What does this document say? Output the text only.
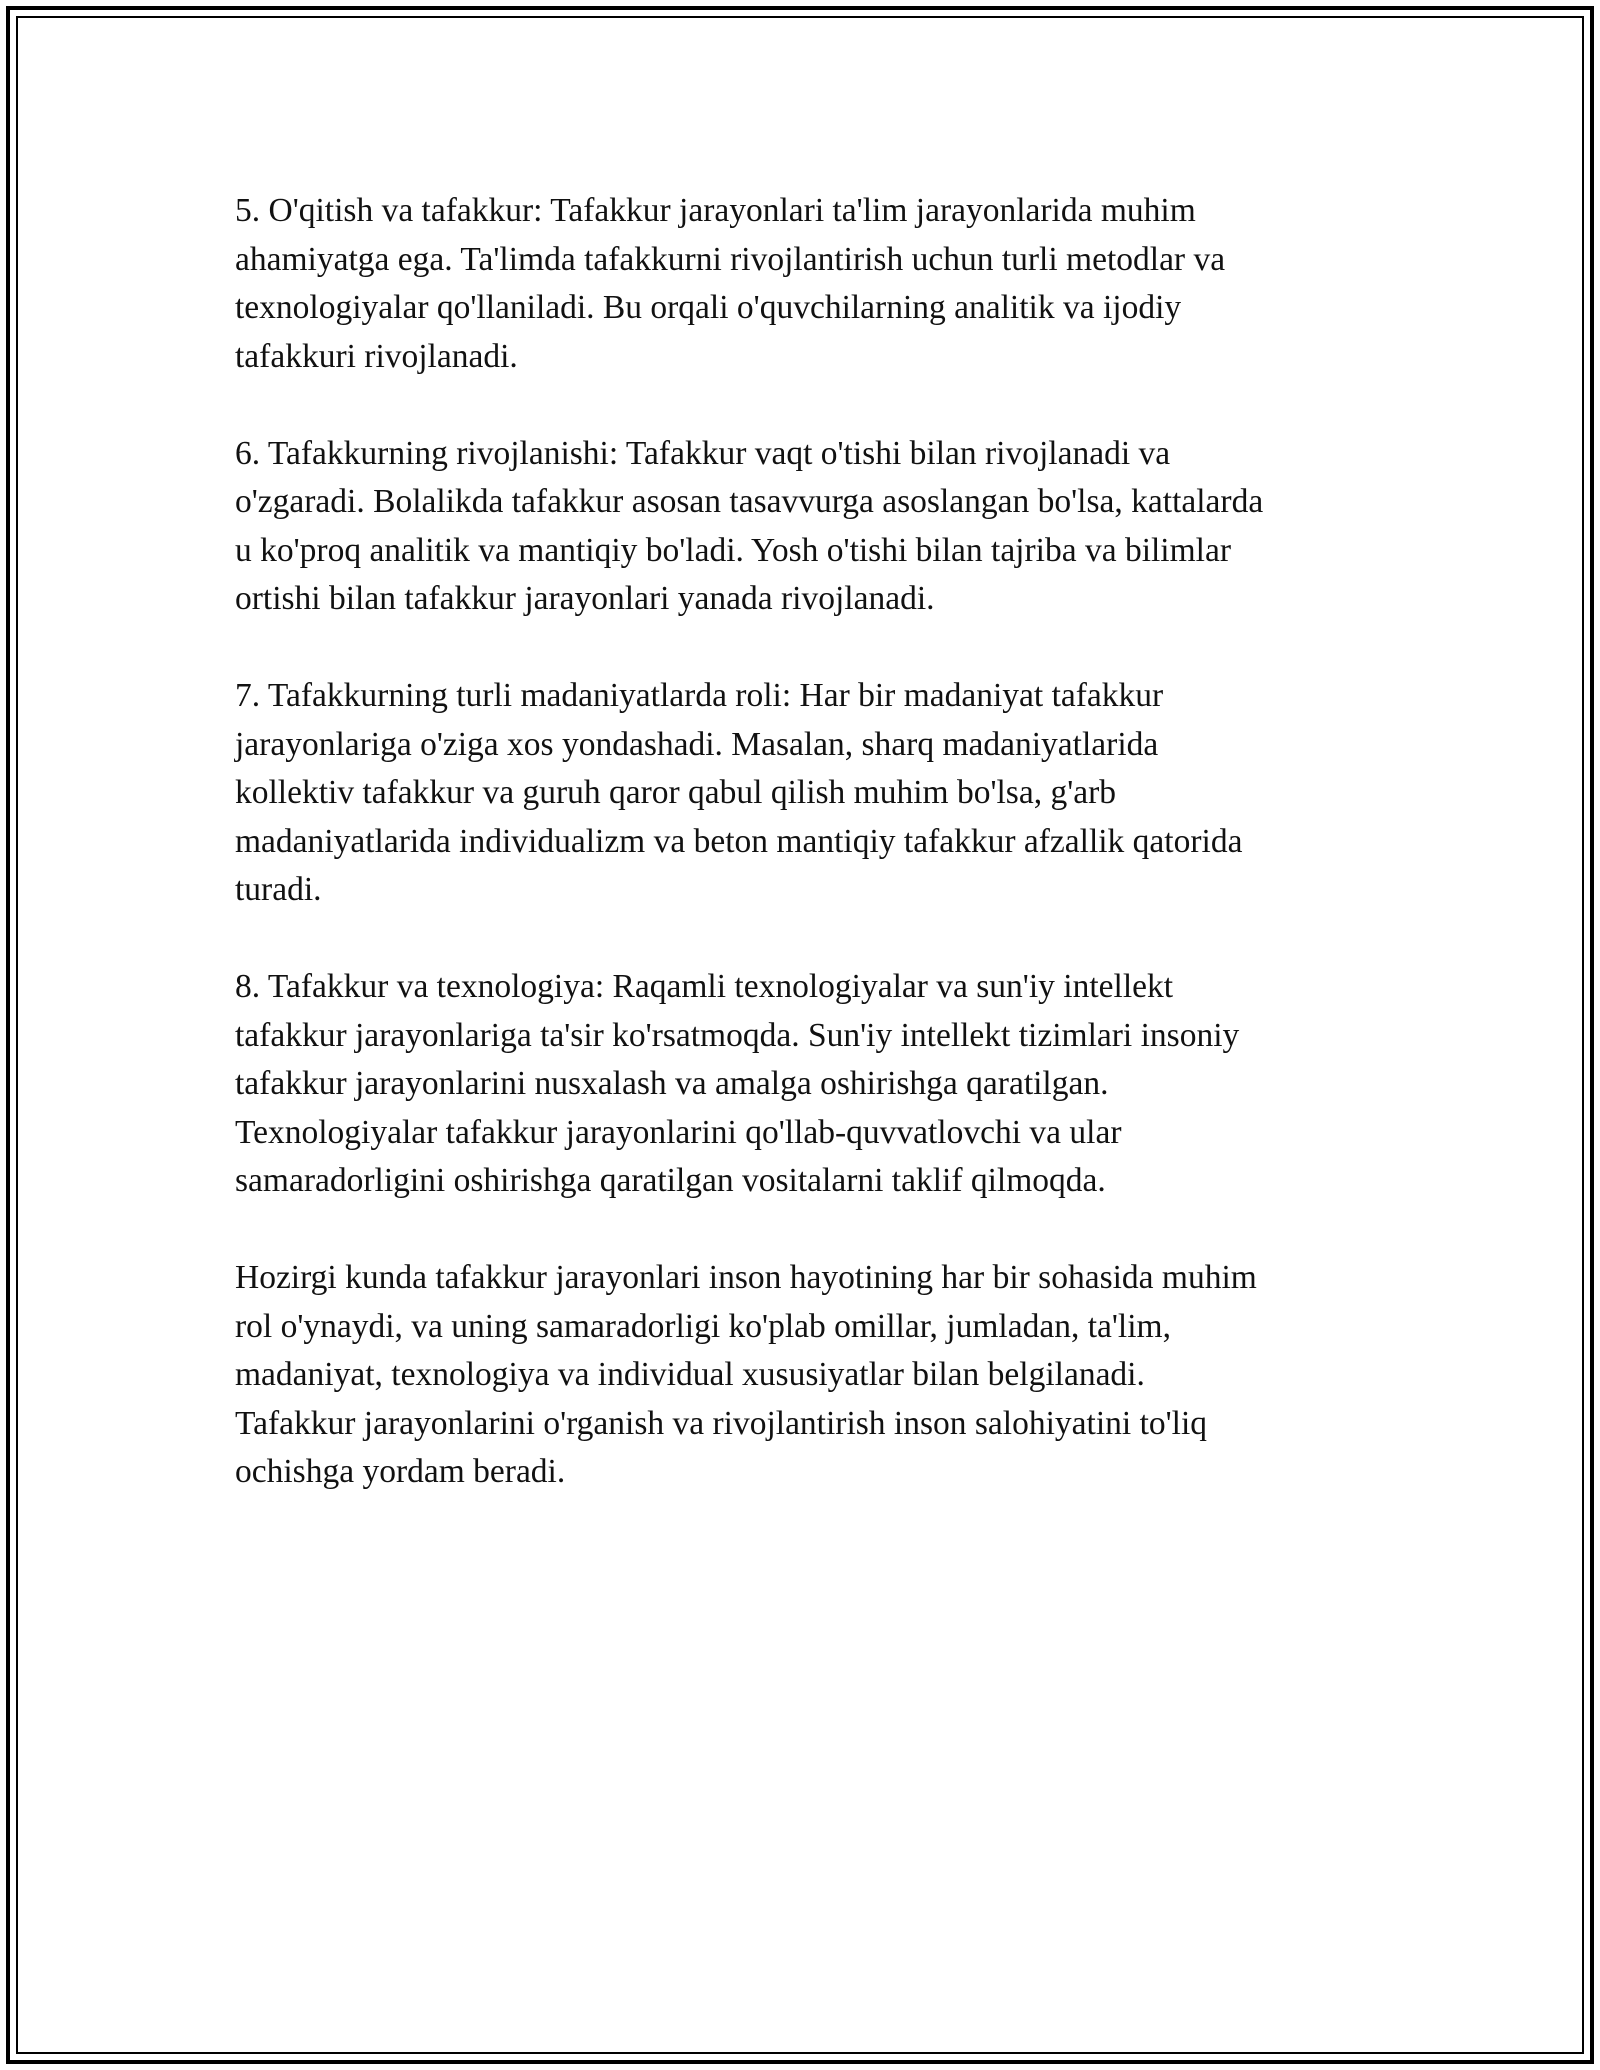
5. O'qitish va tafakkur: Tafakkur jarayonlari ta'lim jarayonlarida muhim
ahamiyatga ega. Ta'limda tafakkurni rivojlantirish uchun turli metodlar va
texnologiyalar qo'llaniladi. Bu orqali o'quvchilarning analitik va ijodiy
tafakkuri rivojlanadi.

6. Tafakkurning rivojlanishi: Tafakkur vaqt o'tishi bilan rivojlanadi va
o'zgaradi. Bolalikda tafakkur asosan tasavvurga asoslangan bo'lsa, kattalarda
u ko'proq analitik va mantiqiy bo'ladi. Yosh o'tishi bilan tajriba va bilimlar
ortishi bilan tafakkur jarayonlari yanada rivojlanadi.

7. Tafakkurning turli madaniyatlarda roli: Har bir madaniyat tafakkur
jarayonlariga o'ziga xos yondashadi. Masalan, sharq madaniyatlarida
kollektiv tafakkur va guruh qaror qabul qilish muhim bo'lsa, g'arb
madaniyatlarida individualizm va beton mantiqiy tafakkur afzallik qatorida
turadi.

8. Tafakkur va texnologiya: Raqamli texnologiyalar va sun'iy intellekt
tafakkur jarayonlariga ta'sir ko'rsatmoqda. Sun'iy intellekt tizimlari insoniy
tafakkur jarayonlarini nusxalash va amalga oshirishga qaratilgan.
Texnologiyalar tafakkur jarayonlarini qo'llab-quvvatlovchi va ular
samaradorligini oshirishga qaratilgan vositalarni taklif qilmoqda.

Hozirgi kunda tafakkur jarayonlari inson hayotining har bir sohasida muhim
rol o'ynaydi, va uning samaradorligi ko'plab omillar, jumladan, ta'lim,
madaniyat, texnologiya va individual xususiyatlar bilan belgilanadi.
Tafakkur jarayonlarini o'rganish va rivojlantirish inson salohiyatini to'liq
ochishga yordam beradi.
